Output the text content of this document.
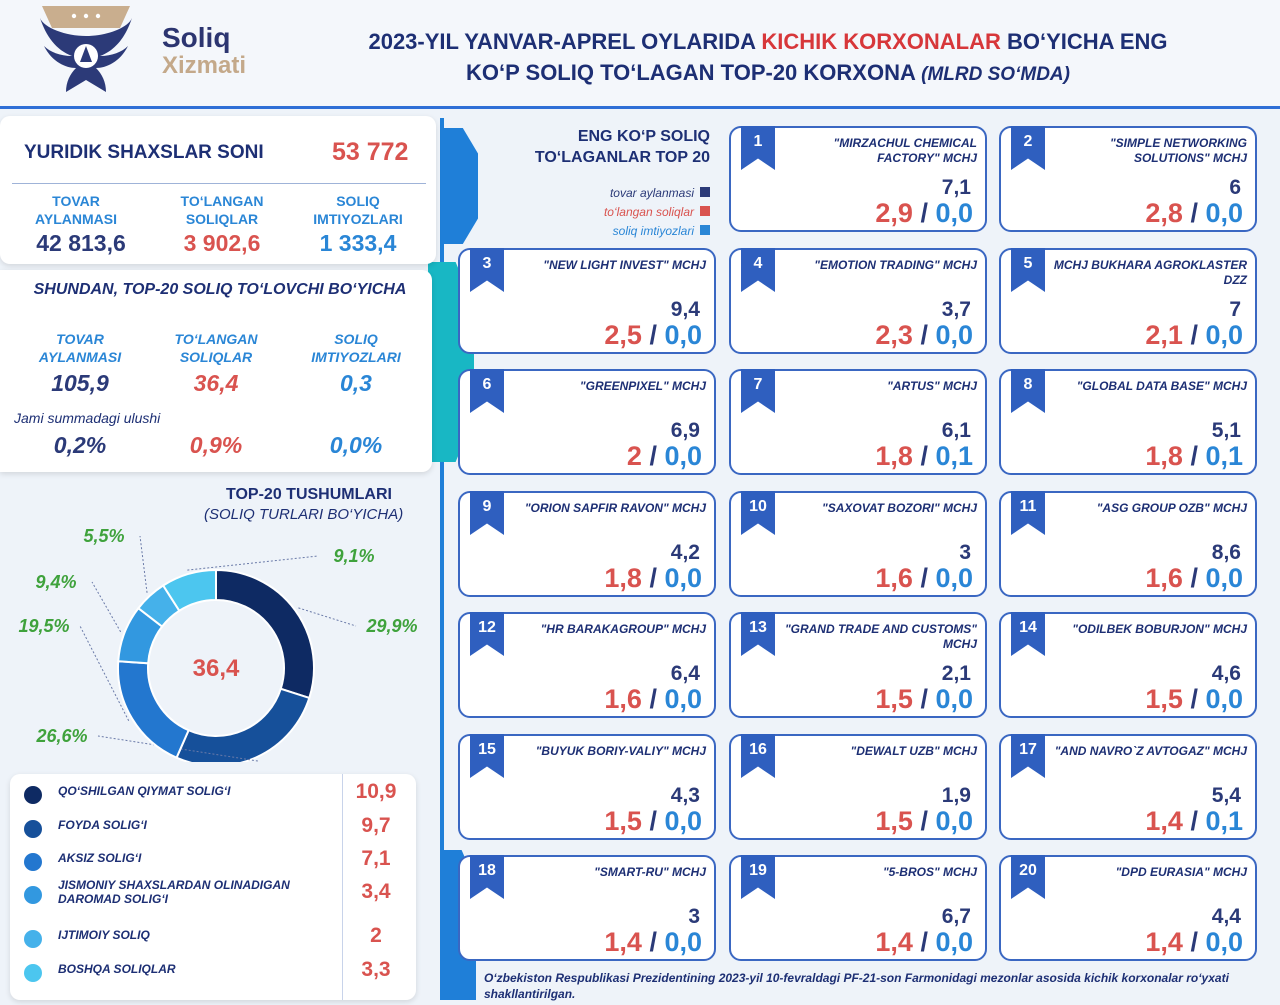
Soliq
Xizmati
2023-YIL YANVAR-APREL OYLARIDA KICHIK KORXONALAR BO‘YICHA ENG
KO‘P SOLIQ TO‘LAGAN TOP-20 KORXONA (MLRD SO‘MDA)
YURIDIK SHAXSLAR SONI	53 772
TOVAR AYLANMASI
TO‘LANGAN SOLIQLAR
SOLIQ IMTIYOZLARI
42 813,6	3 902,6	1 333,4
SHUNDAN, TOP-20 SOLIQ TO‘LOVCHI BO‘YICHA
TOVAR AYLANMASI
TO‘LANGAN SOLIQLAR
SOLIQ IMTIYOZLARI
105,9	36,4	0,3
Jami summadagi ulushi
0,2%	0,9%	0,0%
TOP-20 TUSHUMLARI
(SOLIQ TURLARI BO‘YICHA)
29,9%
26,6%
19,5%
9,4%
5,5%
9,1%
36,4
QO‘SHILGAN QIYMAT SOLIG‘I	10,9
FOYDA SOLIG‘I	9,7
AKSIZ SOLIG‘I	7,1
JISMONIY SHAXSLARDAN OLINADIGAN DAROMAD SOLIG‘I	3,4
IJTIMOIY SOLIQ	2
BOSHQA SOLIQLAR	3,3
ENG KO‘P SOLIQ
TO‘LAGANLAR TOP 20
tovar aylanmasi
to‘langan soliqlar
soliq imtiyozlari
1	"MIRZACHUL CHEMICAL FACTORY" MCHJ
7,1
2,9 / 0,0
2	"SIMPLE NETWORKING SOLUTIONS" MCHJ
6
2,8 / 0,0
3	"NEW LIGHT INVEST" MCHJ
9,4
2,5 / 0,0
4	"EMOTION TRADING" MCHJ
3,7
2,3 / 0,0
5	MCHJ BUKHARA AGROKLASTER DZZ
7
2,1 / 0,0
6	"GREENPIXEL" MCHJ
6,9
2 / 0,0
7	"ARTUS" MCHJ
6,1
1,8 / 0,1
8	"GLOBAL DATA BASE" MCHJ
5,1
1,8 / 0,1
9	"ORION SAPFIR RAVON" MCHJ
4,2
1,8 / 0,0
10	"SAXOVAT BOZORI" MCHJ
3
1,6 / 0,0
11	"ASG GROUP OZB" MCHJ
8,6
1,6 / 0,0
12	"HR BARAKAGROUP" MCHJ
6,4
1,6 / 0,0
13	"GRAND TRADE AND CUSTOMS" MCHJ
2,1
1,5 / 0,0
14	"ODILBEK BOBURJON" MCHJ
4,6
1,5 / 0,0
15	"BUYUK BORIY-VALIY" MCHJ
4,3
1,5 / 0,0
16	"DEWALT UZB" MCHJ
1,9
1,5 / 0,0
17	"AND NAVRO`Z AVTOGAZ" MCHJ
5,4
1,4 / 0,1
18	"SMART-RU" MCHJ
3
1,4 / 0,0
19	"5-BROS" MCHJ
6,7
1,4 / 0,0
20	"DPD EURASIA" MCHJ
4,4
1,4 / 0,0
O‘zbekiston Respublikasi Prezidentining 2023-yil 10-fevraldagi PF-21-son Farmonidagi mezonlar asosida kichik korxonalar ro‘yxati shakllantirilgan.
